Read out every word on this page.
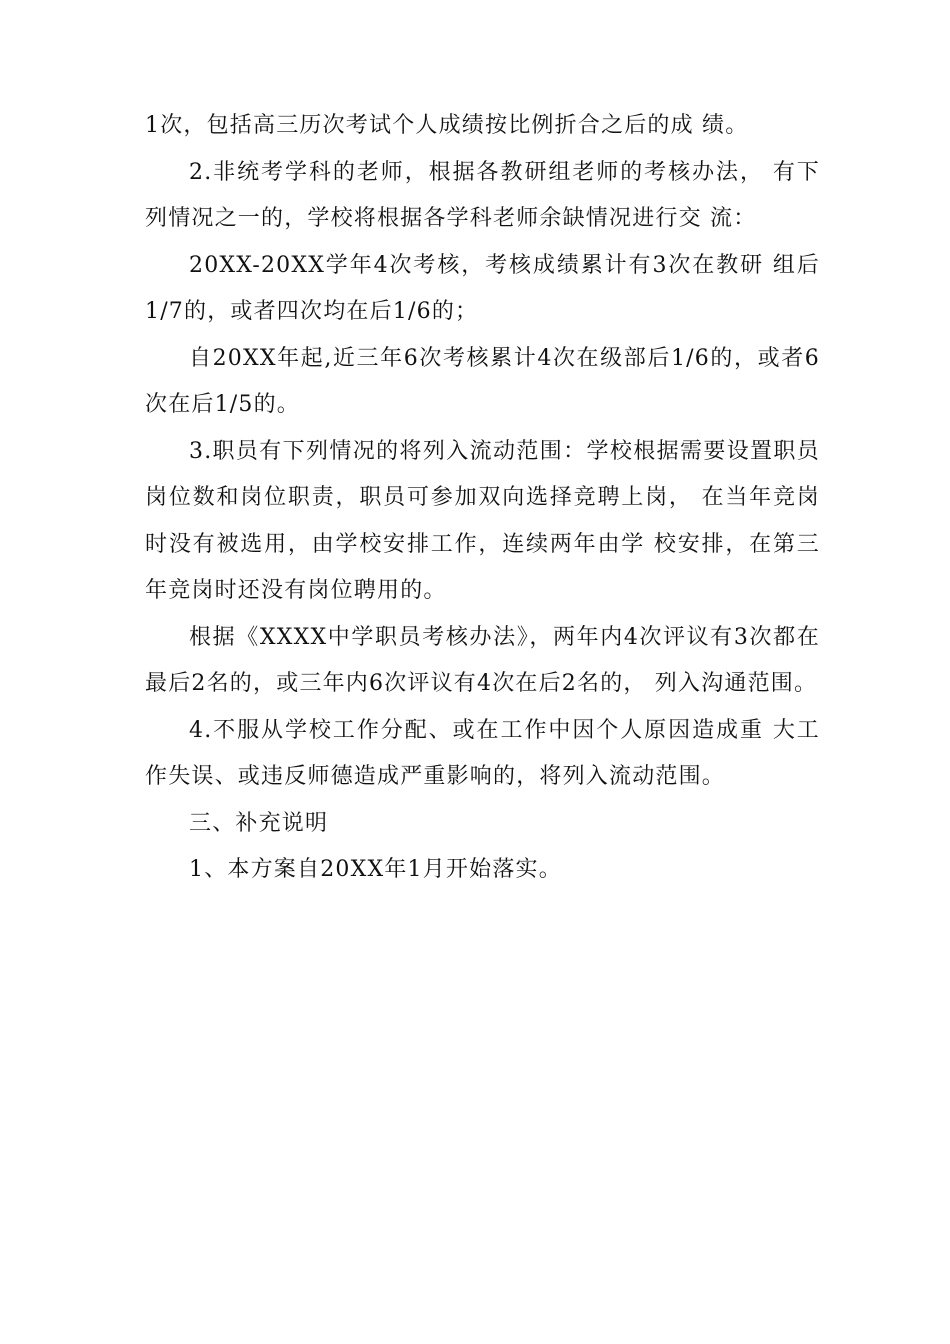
1次，包括高三历次考试个人成绩按比例折合之后的成 绩。

2.非统考学科的老师，根据各教研组老师的考核办法， 有下列情况之一的，学校将根据各学科老师余缺情况进行交 流：

20XX-20XX学年4次考核，考核成绩累计有3次在教研 组后1/7的，或者四次均在后1/6的；

自20XX年起,近三年6次考核累计4次在级部后1/6的，或者6次在后1/5的。

3.职员有下列情况的将列入流动范围：学校根据需要设置职员岗位数和岗位职责，职员可参加双向选择竞聘上岗， 在当年竞岗时没有被选用，由学校安排工作，连续两年由学 校安排，在第三年竞岗时还没有岗位聘用的。

根据《XXXX中学职员考核办法》，两年内4次评议有3次都在最后2名的，或三年内6次评议有4次在后2名的， 列入沟通范围。

4.不服从学校工作分配、或在工作中因个人原因造成重 大工作失误、或违反师德造成严重影响的，将列入流动范围。

三、补充说明

1、本方案自20XX年1月开始落实。
